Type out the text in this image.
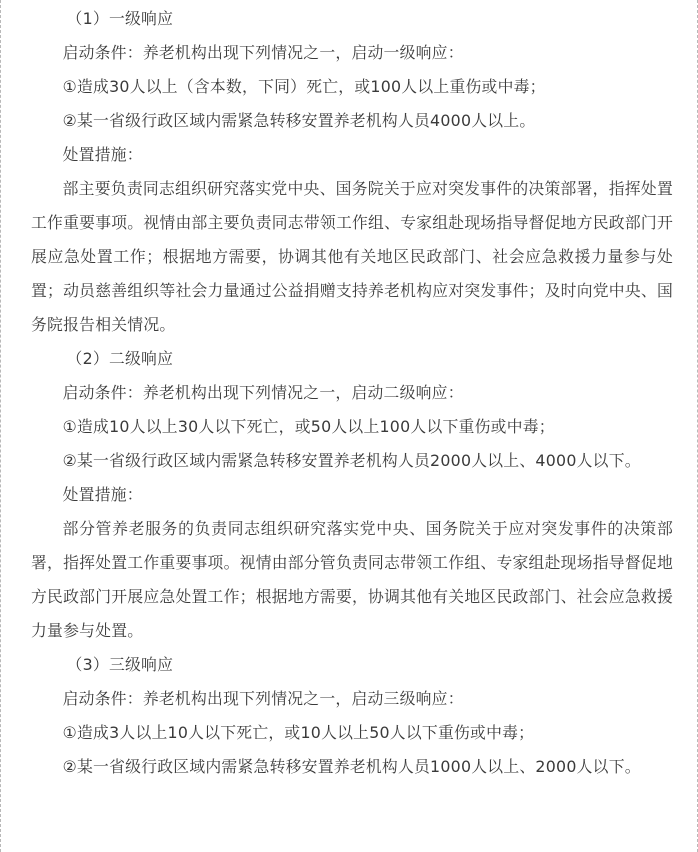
（1）一级响应

启动条件：养老机构出现下列情况之一，启动一级响应：

①造成30人以上（含本数，下同）死亡，或100人以上重伤或中毒；

②某一省级行政区域内需紧急转移安置养老机构人员4000人以上。

处置措施：

部主要负责同志组织研究落实党中央、国务院关于应对突发事件的决策部署，指挥处置工作重要事项。视情由部主要负责同志带领工作组、专家组赴现场指导督促地方民政部门开展应急处置工作；根据地方需要，协调其他有关地区民政部门、社会应急救援力量参与处置；动员慈善组织等社会力量通过公益捐赠支持养老机构应对突发事件；及时向党中央、国务院报告相关情况。

（2）二级响应

启动条件：养老机构出现下列情况之一，启动二级响应：

①造成10人以上30人以下死亡，或50人以上100人以下重伤或中毒；

②某一省级行政区域内需紧急转移安置养老机构人员2000人以上、4000人以下。

处置措施：

部分管养老服务的负责同志组织研究落实党中央、国务院关于应对突发事件的决策部署，指挥处置工作重要事项。视情由部分管负责同志带领工作组、专家组赴现场指导督促地方民政部门开展应急处置工作；根据地方需要，协调其他有关地区民政部门、社会应急救援力量参与处置。

（3）三级响应

启动条件：养老机构出现下列情况之一，启动三级响应：

①造成3人以上10人以下死亡，或10人以上50人以下重伤或中毒；

②某一省级行政区域内需紧急转移安置养老机构人员1000人以上、2000人以下。
